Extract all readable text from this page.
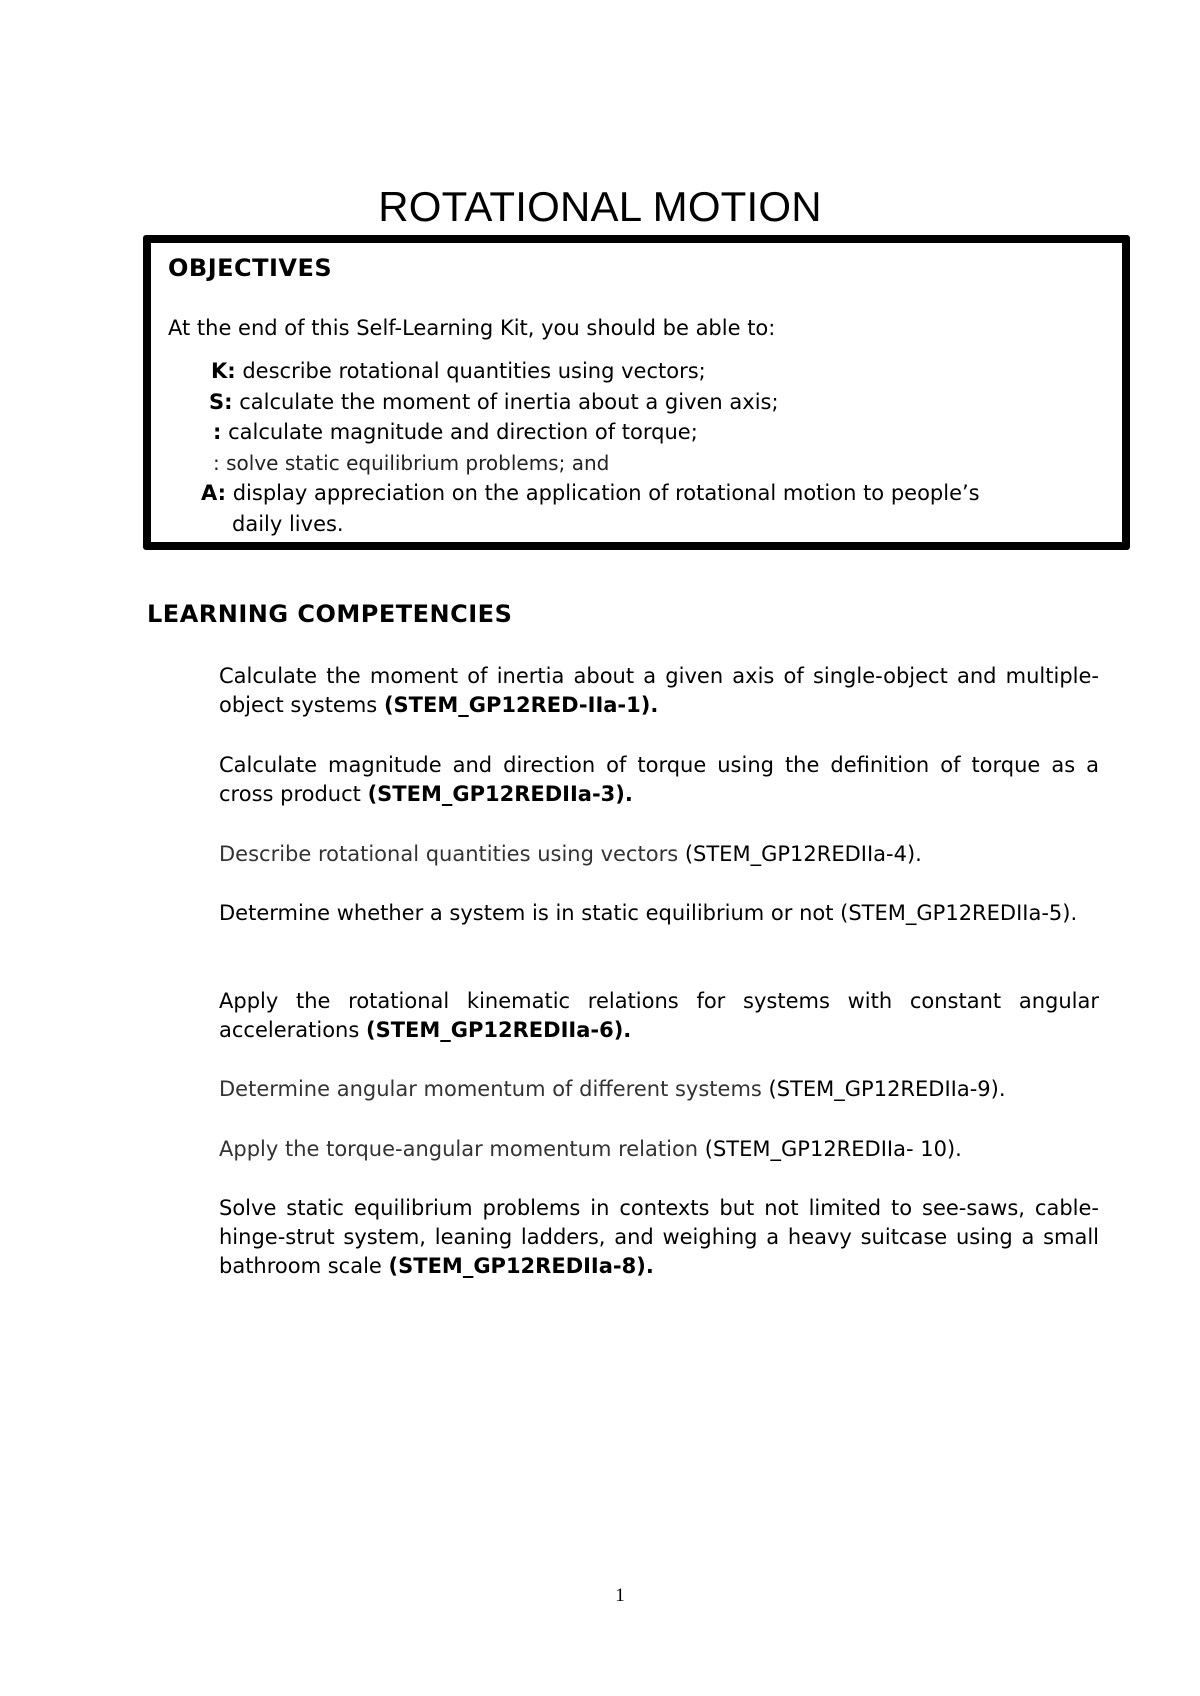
ROTATIONAL MOTION
OBJECTIVES
At the end of this Self-Learning Kit, you should be able to:
K: describe rotational quantities using vectors;
S: calculate the moment of inertia about a given axis;
: calculate magnitude and direction of torque;
: solve static equilibrium problems; and
A: display appreciation on the application of rotational motion to people’s
daily lives.
LEARNING COMPETENCIES
Calculate the moment of inertia about a given axis of single-object and multiple-object systems (STEM_GP12RED-IIa-1).
Calculate magnitude and direction of torque using the definition of torque as a cross product (STEM_GP12REDIIa-3).
Describe rotational quantities using vectors (STEM_GP12REDIIa-4).
Determine whether a system is in static equilibrium or not (STEM_GP12REDIIa-5).
Apply the rotational kinematic relations for systems with constant angular accelerations (STEM_GP12REDIIa-6).
Determine angular momentum of different systems (STEM_GP12REDIIa-9).
Apply the torque-angular momentum relation (STEM_GP12REDIIa- 10).
Solve static equilibrium problems in contexts but not limited to see-saws, cable-hinge-strut system, leaning ladders, and weighing a heavy suitcase using a small bathroom scale (STEM_GP12REDIIa-8).
1
